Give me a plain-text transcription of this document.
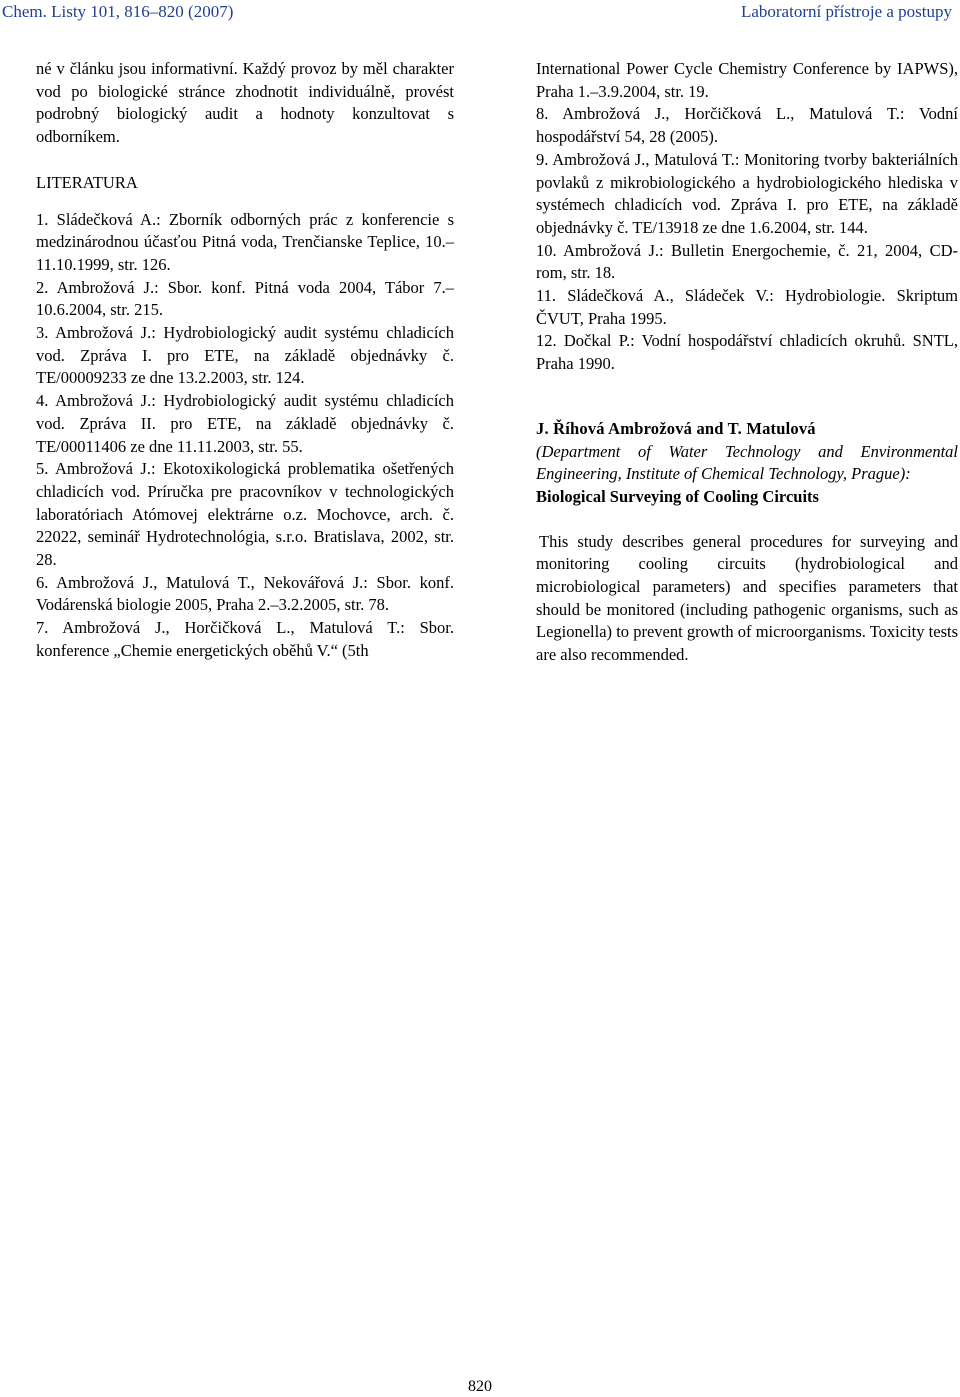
Chem. Listy 101, 816–820 (2007)	Laboratorní přístroje a postupy

né v článku jsou informativní. Každý provoz by měl charakter vod po biologické stránce zhodnotit individuálně, provést podrobný biologický audit a hodnoty konzultovat s odborníkem.

LITERATURA

1. Sládečková A.: Zborník odborných prác z konferencie s medzinárodnou účasťou Pitná voda, Trenčianske Teplice, 10.–11.10.1999, str. 126.

2. Ambrožová J.: Sbor. konf. Pitná voda 2004, Tábor 7.–10.6.2004, str. 215.

3. Ambrožová J.: Hydrobiologický audit systému chladicích vod. Zpráva I. pro ETE, na základě objednávky č. TE/00009233 ze dne 13.2.2003, str. 124.

4. Ambrožová J.: Hydrobiologický audit systému chladicích vod. Zpráva II. pro ETE, na základě objednávky č. TE/00011406 ze dne 11.11.2003, str. 55.

5. Ambrožová J.: Ekotoxikologická problematika ošetřených chladicích vod. Príručka pre pracovníkov v technologických laboratóriach Atómovej elektrárne o.z. Mochovce, arch. č. 22022, seminář Hydrotechnológia, s.r.o. Bratislava, 2002, str. 28.

6. Ambrožová J., Matulová T., Nekovářová J.: Sbor. konf. Vodárenská biologie 2005, Praha 2.–3.2.2005, str. 78.

7. Ambrožová J., Horčičková L., Matulová T.: Sbor. konference „Chemie energetických oběhů V.“ (5th

International Power Cycle Chemistry Conference by IAPWS), Praha 1.–3.9.2004, str. 19.

8. Ambrožová J., Horčičková L., Matulová T.: Vodní hospodářství 54, 28 (2005).

9. Ambrožová J., Matulová T.: Monitoring tvorby bakteriálních povlaků z mikrobiologického a hydrobiologického hlediska v systémech chladicích vod. Zpráva I. pro ETE, na základě objednávky č. TE/13918 ze dne 1.6.2004, str. 144.

10. Ambrožová J.: Bulletin Energochemie, č. 21, 2004, CD-rom, str. 18.

11. Sládečková A., Sládeček V.: Hydrobiologie. Skriptum ČVUT, Praha 1995.

12. Dočkal P.: Vodní hospodářství chladicích okruhů. SNTL, Praha 1990.

J. Říhová Ambrožová and T. Matulová

(Department of Water Technology and Environmental Engineering, Institute of Chemical Technology, Prague):

Biological Surveying of Cooling Circuits

This study describes general procedures for surveying and monitoring cooling circuits (hydrobiological and microbiological parameters) and specifies parameters that should be monitored (including pathogenic organisms, such as Legionella) to prevent growth of microorganisms. Toxicity tests are also recommended.

820
